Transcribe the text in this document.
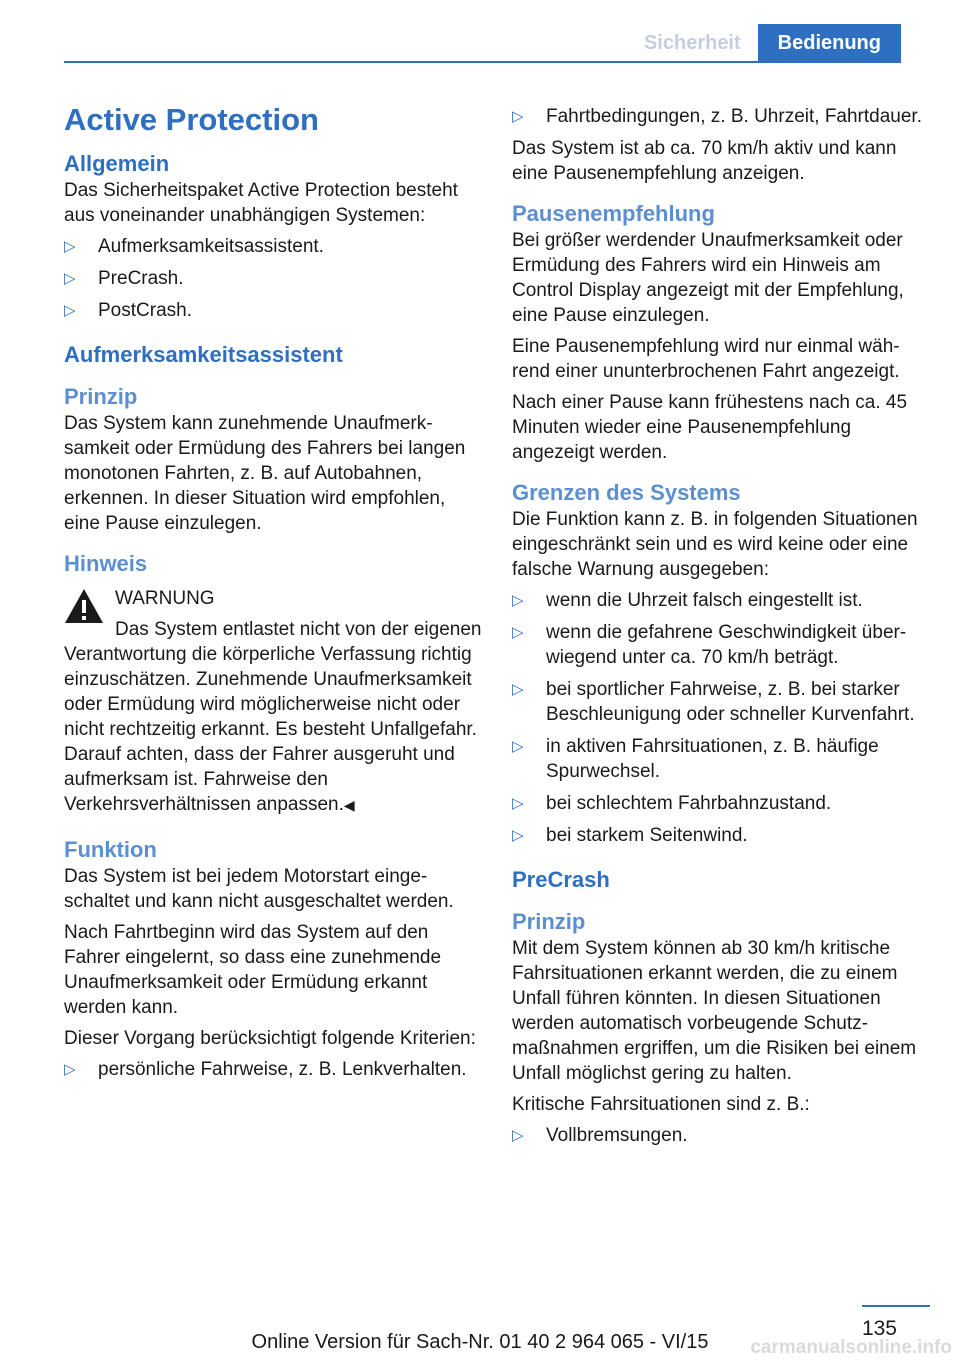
Sicherheit	Bedienung
Active Protection
Allgemein

Das Sicherheitspaket Active Protection besteht aus voneinander unabhängigen Systemen:

▷ Aufmerksamkeitsassistent.
▷ PreCrash.
▷ PostCrash.
Aufmerksamkeitsassistent
Prinzip

Das System kann zunehmende Unaufmerksamkeit oder Ermüdung des Fahrers bei langen monotonen Fahrten, z. B. auf Autobahnen, erkennen. In dieser Situation wird empfohlen, eine Pause einzulegen.

Hinweis
WARNUNG

Das System entlastet nicht von der eigenen Verantwortung die körperliche Verfassung richtig einzuschätzen. Zunehmende Unaufmerksamkeit oder Ermüdung wird möglicherweise nicht oder nicht rechtzeitig erkannt. Es besteht Unfallgefahr. Darauf achten, dass der Fahrer ausgeruht und aufmerksam ist. Fahrweise den Verkehrsverhältnissen anpassen.◀

Funktion

Das System ist bei jedem Motorstart eingeschaltet und kann nicht ausgeschaltet werden.

Nach Fahrtbeginn wird das System auf den Fahrer eingelernt, so dass eine zunehmende Unaufmerksamkeit oder Ermüdung erkannt werden kann.

Dieser Vorgang berücksichtigt folgende Kriterien:

▷ persönliche Fahrweise, z. B. Lenkverhalten.
▷ Fahrtbedingungen, z. B. Uhrzeit, Fahrtdauer.

Das System ist ab ca. 70 km/h aktiv und kann eine Pausenempfehlung anzeigen.

Pausenempfehlung

Bei größer werdender Unaufmerksamkeit oder Ermüdung des Fahrers wird ein Hinweis am Control Display angezeigt mit der Empfehlung, eine Pause einzulegen.

Eine Pausenempfehlung wird nur einmal während einer ununterbrochenen Fahrt angezeigt.

Nach einer Pause kann frühestens nach ca. 45 Minuten wieder eine Pausenempfehlung angezeigt werden.

Grenzen des Systems

Die Funktion kann z. B. in folgenden Situationen eingeschränkt sein und es wird keine oder eine falsche Warnung ausgegeben:

▷ wenn die Uhrzeit falsch eingestellt ist.
▷ wenn die gefahrene Geschwindigkeit überwiegend unter ca. 70 km/h beträgt.
▷ bei sportlicher Fahrweise, z. B. bei starker Beschleunigung oder schneller Kurvenfahrt.
▷ in aktiven Fahrsituationen, z. B. häufige Spurwechsel.
▷ bei schlechtem Fahrbahnzustand.
▷ bei starkem Seitenwind.
PreCrash
Prinzip

Mit dem System können ab 30 km/h kritische Fahrsituationen erkannt werden, die zu einem Unfall führen könnten. In diesen Situationen werden automatisch vorbeugende Schutzmaßnahmen ergriffen, um die Risiken bei einem Unfall möglichst gering zu halten.

Kritische Fahrsituationen sind z. B.:

▷ Vollbremsungen.
135
Online Version für Sach-Nr. 01 40 2 964 065 - VI/15	carmanualsonline.info
